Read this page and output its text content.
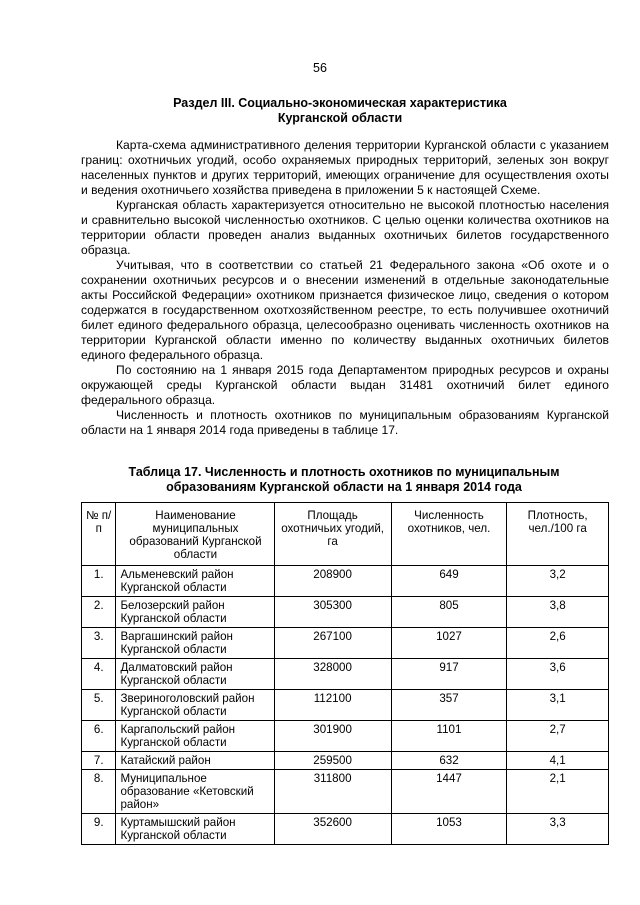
56
Раздел III. Социально-экономическая характеристика
Курганской области

Карта-схема административного деления территории Курганской области с указанием границ: охотничьих угодий, особо охраняемых природных территорий, зеленых зон вокруг населенных пунктов и других территорий, имеющих ограничение для осуществления охоты и ведения охотничьего хозяйства приведена в приложении 5 к настоящей Схеме.

Курганская область характеризуется относительно не высокой плотностью населения и сравнительно высокой численностью охотников. С целью оценки количества охотников на территории области проведен анализ выданных охотничьих билетов государственного образца.

Учитывая, что в соответствии со статьей 21 Федерального закона «Об охоте и о сохранении охотничьих ресурсов и о внесении изменений в отдельные законодательные акты Российской Федерации» охотником признается физическое лицо, сведения о котором содержатся в государственном охотхозяйственном реестре, то есть получившее охотничий билет единого федерального образца, целесообразно оценивать численность охотников на территории Курганской области именно по количеству выданных охотничьих билетов единого федерального образца.

По состоянию на 1 января 2015 года Департаментом природных ресурсов и охраны окружающей среды Курганской области выдан 31481 охотничий билет единого федерального образца.

Численность и плотность охотников по муниципальным образованиям Курганской области на 1 января 2014 года приведены в таблице 17.

Таблица 17. Численность и плотность охотников по муниципальным
образованиям Курганской области на 1 января 2014 года
№ п/п	Наименование муниципальных образований Курганской области	Площадь охотничьих угодий, га	Численность охотников, чел.	Плотность, чел./100 га
1.	Альменевский район Курганской области	208900	649	3,2
2.	Белозерский район Курганской области	305300	805	3,8
3.	Варгашинский район Курганской области	267100	1027	2,6
4.	Далматовский район Курганской области	328000	917	3,6
5.	Звериноголовский район Курганской области	112100	357	3,1
6.	Каргапольский район Курганской области	301900	1101	2,7
7.	Катайский район	259500	632	4,1
8.	Муниципальное образование «Кетовский район»	311800	1447	2,1
9.	Куртамышский район Курганской области	352600	1053	3,3
